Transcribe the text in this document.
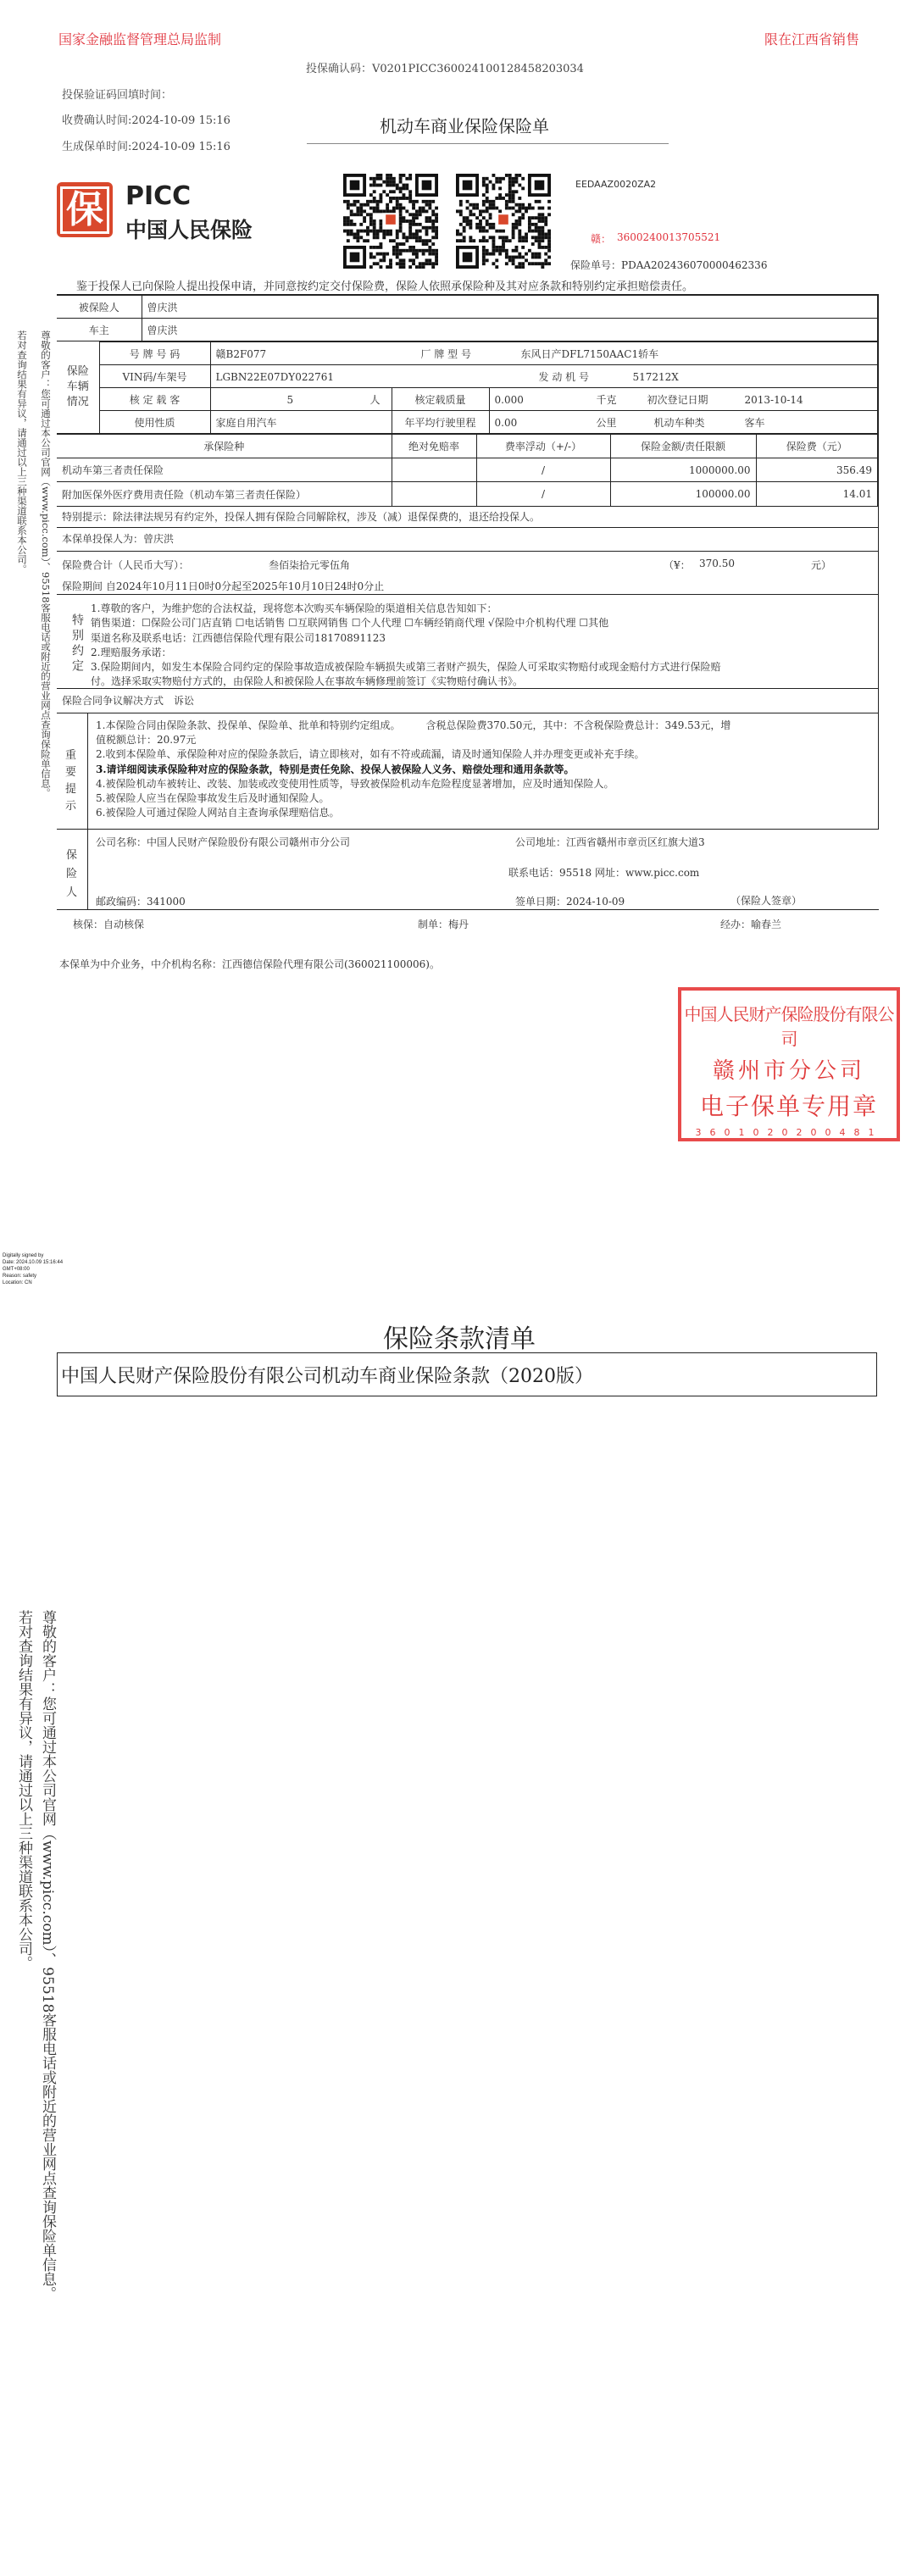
国家金融监督管理总局监制	限在江西省销售
投保确认码：V0201PICC360024100128458203034
投保验证码回填时间：
收费确认时间:2024-10-09 15:16
生成保单时间:2024-10-09 15:16
机动车商业保险保险单
保 PICC
中国人民保险
EEDAAZ0020ZA2
赣： 3600240013705521
保险单号：PDAA202436070000462336
鉴于投保人已向保险人提出投保申请，并同意按约定交付保险费，保险人依照承保险种及其对应条款和特别约定承担赔偿责任。
尊敬的客户：您可通过本公司官网（www.picc.com）、95518客服电话或附近的营业网点查询保险单信息。
若对查询结果有异议，请通过以上三种渠道联系本公司。
被保险人	曾庆洪
车主	曾庆洪
保险车辆情况	号 牌 号 码	赣B2F077 厂 牌 型 号 东风日产DFL7150AAC1轿车		
	VIN码/车架号	LGBN22E07DY022761 发 动 机 号 517212X		
	核 定 载 客	5 人	核定载质量	0.000 千克 初次登记日期 2013-10-14
	使用性质	家庭自用汽车	年平均行驶里程	0.00 公里 机动车种类 客车
承保险种	绝对免赔率	费率浮动（+/-）	保险金额/责任限额	保险费（元）
机动车第三者责任保险		/	1000000.00	356.49
附加医保外医疗费用责任险（机动车第三者责任保险）		/	100000.00	14.01
特别提示：除法律法规另有约定外，投保人拥有保险合同解除权，涉及（减）退保保费的，退还给投保人。
本保单投保人为：曾庆洪
保险费合计（人民币大写）：	叁佰柒拾元零伍角	（¥： 370.50	元）
保险期间 自2024年10月11日0时0分起至2025年10月10日24时0分止
特别约定
1.尊敬的客户，为维护您的合法权益，现将您本次购买车辆保险的渠道相关信息告知如下：
销售渠道：☐保险公司门店直销 ☐电话销售 ☐互联网销售 ☐个人代理 ☐车辆经销商代理 √保险中介机构代理 ☐其他
渠道名称及联系电话：江西德信保险代理有限公司18170891123
2.理赔服务承诺：
3.保险期间内，如发生本保险合同约定的保险事故造成被保险车辆损失或第三者财产损失，保险人可采取实物赔付或现金赔付方式进行保险赔
付。选择采取实物赔付方式的，由保险人和被保险人在事故车辆修理前签订《实物赔付确认书》。
保险合同争议解决方式　诉讼
重要提示
1.本保险合同由保险条款、投保单、保险单、批单和特别约定组成。　　　含税总保险费370.50元，其中：不含税保险费总计：349.53元，增
值税额总计：20.97元
2.收到本保险单、承保险种对应的保险条款后，请立即核对，如有不符或疏漏，请及时通知保险人并办理变更或补充手续。
3.请详细阅读承保险种对应的保险条款，特别是责任免除、投保人被保险人义务、赔偿处理和通用条款等。
4.被保险机动车被转让、改装、加装或改变使用性质等，导致被保险机动车危险程度显著增加，应及时通知保险人。
5.被保险人应当在保险事故发生后及时通知保险人。
6.被保险人可通过保险人网站自主查询承保理赔信息。
保险人
公司名称：中国人民财产保险股份有限公司赣州市分公司	公司地址：江西省赣州市章贡区红旗大道3
联系电话：95518 网址：www.picc.com
邮政编码：341000	签单日期：2024-10-09	（保险人签章）
核保：自动核保	制单：梅丹	经办：喻春兰
本保单为中介业务，中介机构名称：江西德信保险代理有限公司(360021100006)。
中国人民财产保险股份有限公司
赣州市分公司
电子保单专用章
3601020200481
Digitally signed by
Date: 2024.10.09 15:16:44
GMT+08:00
Reason: safety
Location: CN
保险条款清单
中国人民财产保险股份有限公司机动车商业保险条款（2020版）
尊敬的客户：您可通过本公司官网（www.picc.com）、95518客服电话或附近的营业网点查询保险单信息。
若对查询结果有异议，请通过以上三种渠道联系本公司。
